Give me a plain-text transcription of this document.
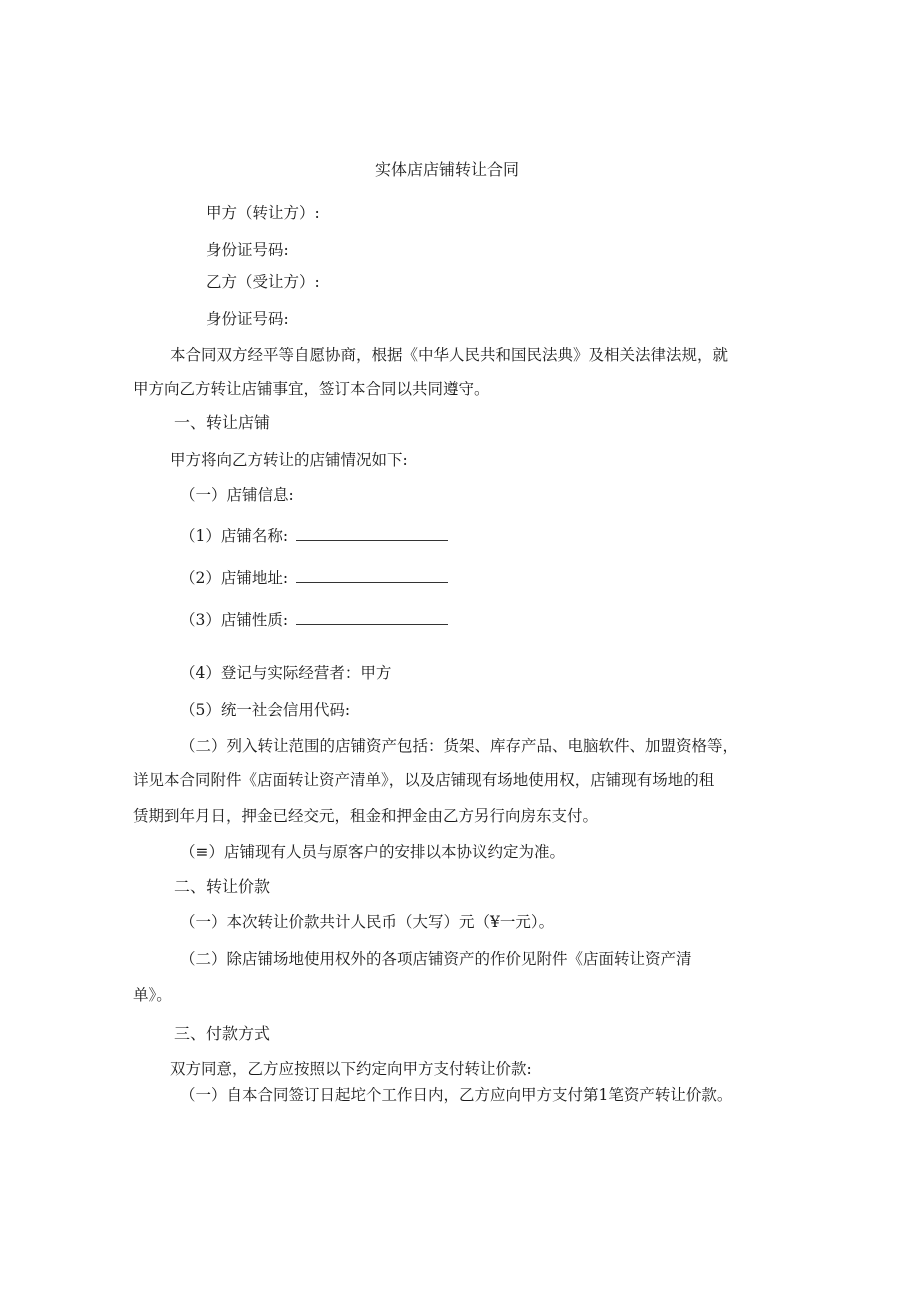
实体店店铺转让合同
甲方（转让方）:
身份证号码:
乙方（受让方）:
身份证号码:
本合同双方经平等自愿协商，根据《中华人民共和国民法典》及相关法律法规，就
甲方向乙方转让店铺事宜，签订本合同以共同遵守。
一、转让店铺
甲方将向乙方转让的店铺情况如下:
（一）店铺信息:
（1）店铺名称:
（2）店铺地址:
（3）店铺性质:
（4）登记与实际经营者：甲方
（5）统一社会信用代码:
（二）列入转让范围的店铺资产包括：货架、库存产品、电脑软件、加盟资格等，
详见本合同附件《店面转让资产清单》，以及店铺现有场地使用权，店铺现有场地的租
赁期到年月日，押金已经交元，租金和押金由乙方另行向房东支付。
（≡）店铺现有人员与原客户的安排以本协议约定为准。
二、转让价款
（一）本次转让价款共计人民币（大写）元（¥一元）。
（二）除店铺场地使用权外的各项店铺资产的作价见附件《店面转让资产清
单》。
三、付款方式
双方同意，乙方应按照以下约定向甲方支付转让价款:
（一）自本合同签订日起坨个工作日内，乙方应向甲方支付第1笔资产转让价款。
